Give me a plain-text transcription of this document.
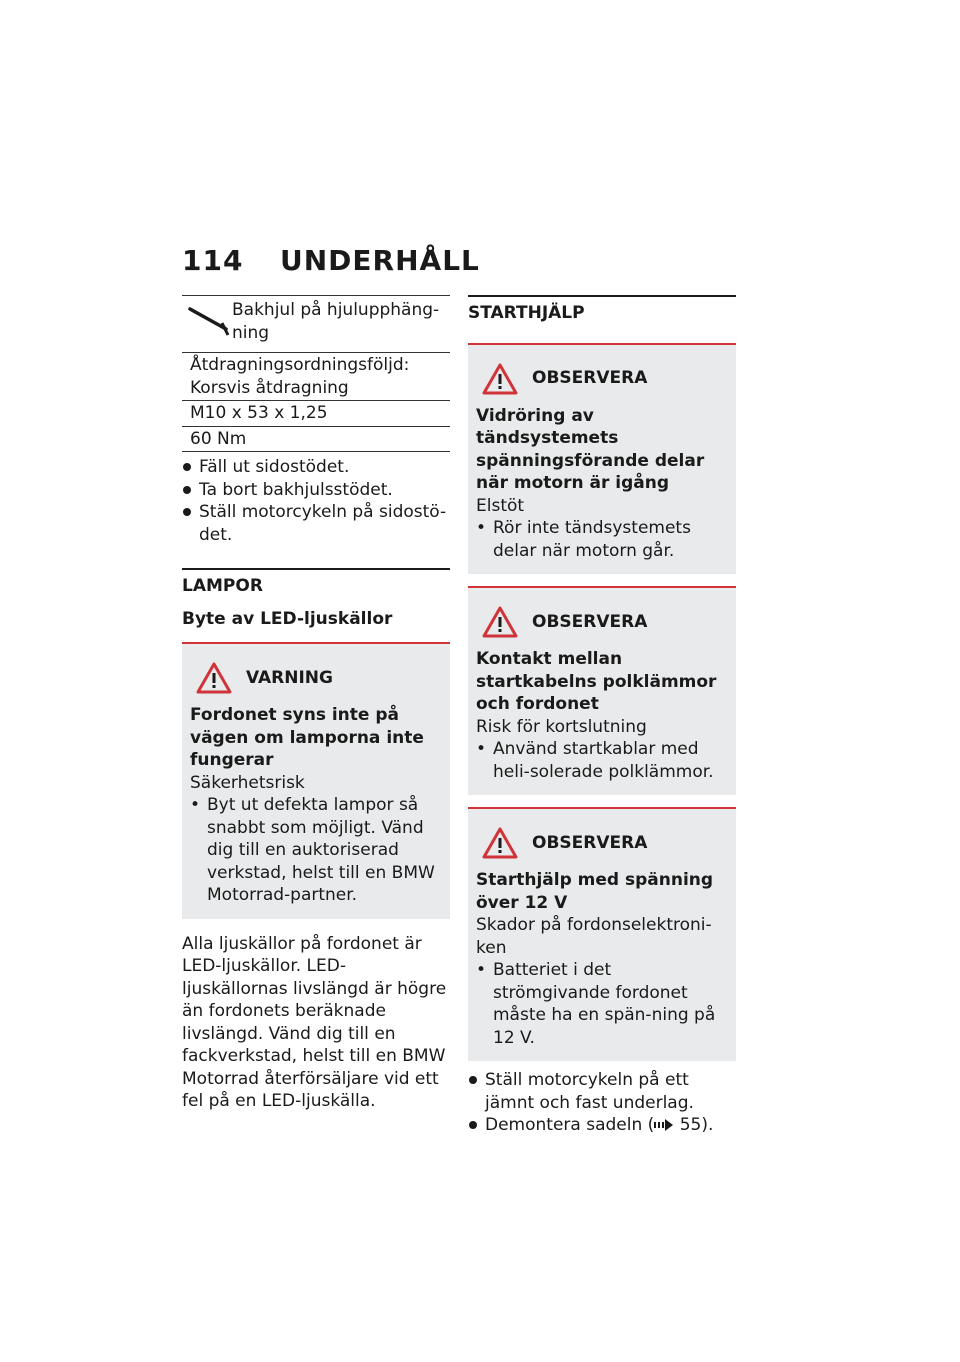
114 UNDERHÅLL
Bakhjul på hjulupphäng-
ning
Åtdragningsordningsföljd:
Korsvis åtdragning
M10 x 53 x 1,25
60 Nm
Fäll ut sidostödet.
Ta bort bakhjulsstödet.
Ställ motorcykeln på sidostö-det.
LAMPOR
Byte av LED-ljuskällor
VARNING
Fordonet syns inte på vägen om lamporna inte fungerar
Säkerhetsrisk
• Byt ut defekta lampor så snabbt som möjligt. Vänd dig till en auktoriserad verkstad, helst till en BMW Motorrad-partner.
Alla ljuskällor på fordonet är LED-ljuskällor. LED-ljuskällornas livslängd är högre än fordonets beräknade livslängd. Vänd dig till en fackverkstad, helst till en BMW Motorrad återförsäljare vid ett fel på en LED-ljuskälla.
STARTHJÄLP
OBSERVERA
Vidröring av tändsystemets spänningsförande delar när motorn är igång
Elstöt
• Rör inte tändsystemets delar när motorn går.
OBSERVERA
Kontakt mellan startkabelns polklämmor och fordonet
Risk för kortslutning
• Använd startkablar med heli-solerade polklämmor.
OBSERVERA
Starthjälp med spänning över 12 V
Skador på fordonselektroni-ken
• Batteriet i det strömgivande fordonet måste ha en spän-ning på 12 V.
Ställ motorcykeln på ett jämnt och fast underlag.
Demontera sadeln ( 55).
